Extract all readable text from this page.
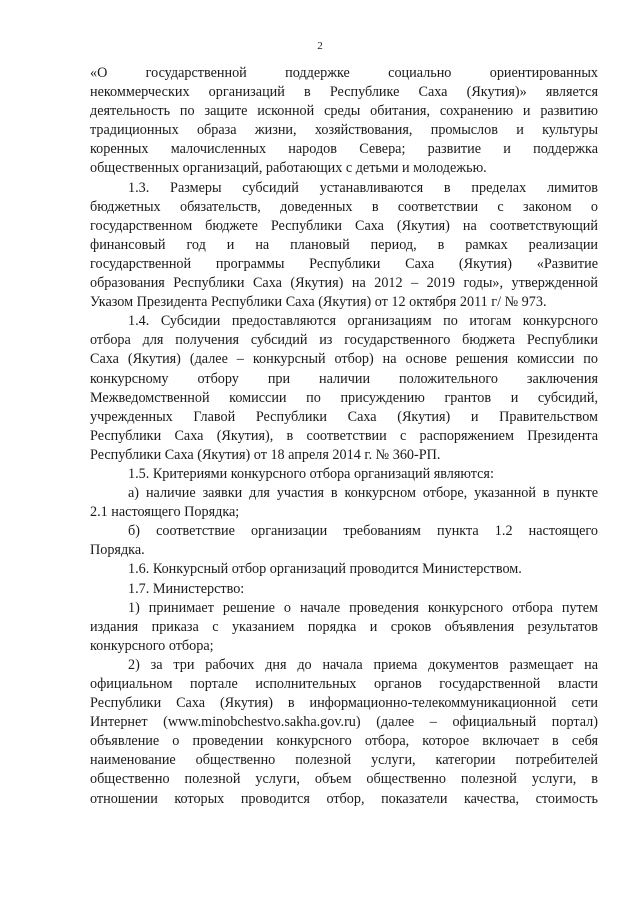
2
«О государственной поддержке социально ориентированных
некоммерческих организаций в Республике Саха (Якутия)» является
деятельность по защите исконной среды обитания, сохранению и развитию
традиционных образа жизни, хозяйствования, промыслов и культуры
коренных малочисленных народов Севера; развитие и поддержка
общественных организаций, работающих с детьми и молодежью.
1.3. Размеры субсидий устанавливаются в пределах лимитов
бюджетных обязательств, доведенных в соответствии с законом о
государственном бюджете Республики Саха (Якутия) на соответствующий
финансовый год и на плановый период, в рамках реализации
государственной программы Республики Саха (Якутия) «Развитие
образования Республики Саха (Якутия) на 2012 – 2019 годы», утвержденной
Указом Президента Республики Саха (Якутия) от 12 октября 2011 г/ № 973.
1.4. Субсидии предоставляются организациям по итогам конкурсного
отбора для получения субсидий из государственного бюджета Республики
Саха (Якутия) (далее – конкурсный отбор) на основе решения комиссии по
конкурсному отбору при наличии положительного заключения
Межведомственной комиссии по присуждению грантов и субсидий,
учрежденных Главой Республики Саха (Якутия) и Правительством
Республики Саха (Якутия), в соответствии с распоряжением Президента
Республики Саха (Якутия) от 18 апреля 2014 г. № 360-РП.
1.5. Критериями конкурсного отбора организаций являются:
а) наличие заявки для участия в конкурсном отборе, указанной в пункте
2.1 настоящего Порядка;
б) соответствие организации требованиям пункта 1.2 настоящего
Порядка.
1.6. Конкурсный отбор организаций проводится Министерством.
1.7. Министерство:
1) принимает решение о начале проведения конкурсного отбора путем
издания приказа с указанием порядка и сроков объявления результатов
конкурсного отбора;
2) за три рабочих дня до начала приема документов размещает на
официальном портале исполнительных органов государственной власти
Республики Саха (Якутия) в информационно-телекоммуникационной сети
Интернет (www.minobchestvo.sakha.gov.ru) (далее – официальный портал)
объявление о проведении конкурсного отбора, которое включает в себя
наименование общественно полезной услуги, категории потребителей
общественно полезной услуги, объем общественно полезной услуги, в
отношении которых проводится отбор, показатели качества, стоимость
